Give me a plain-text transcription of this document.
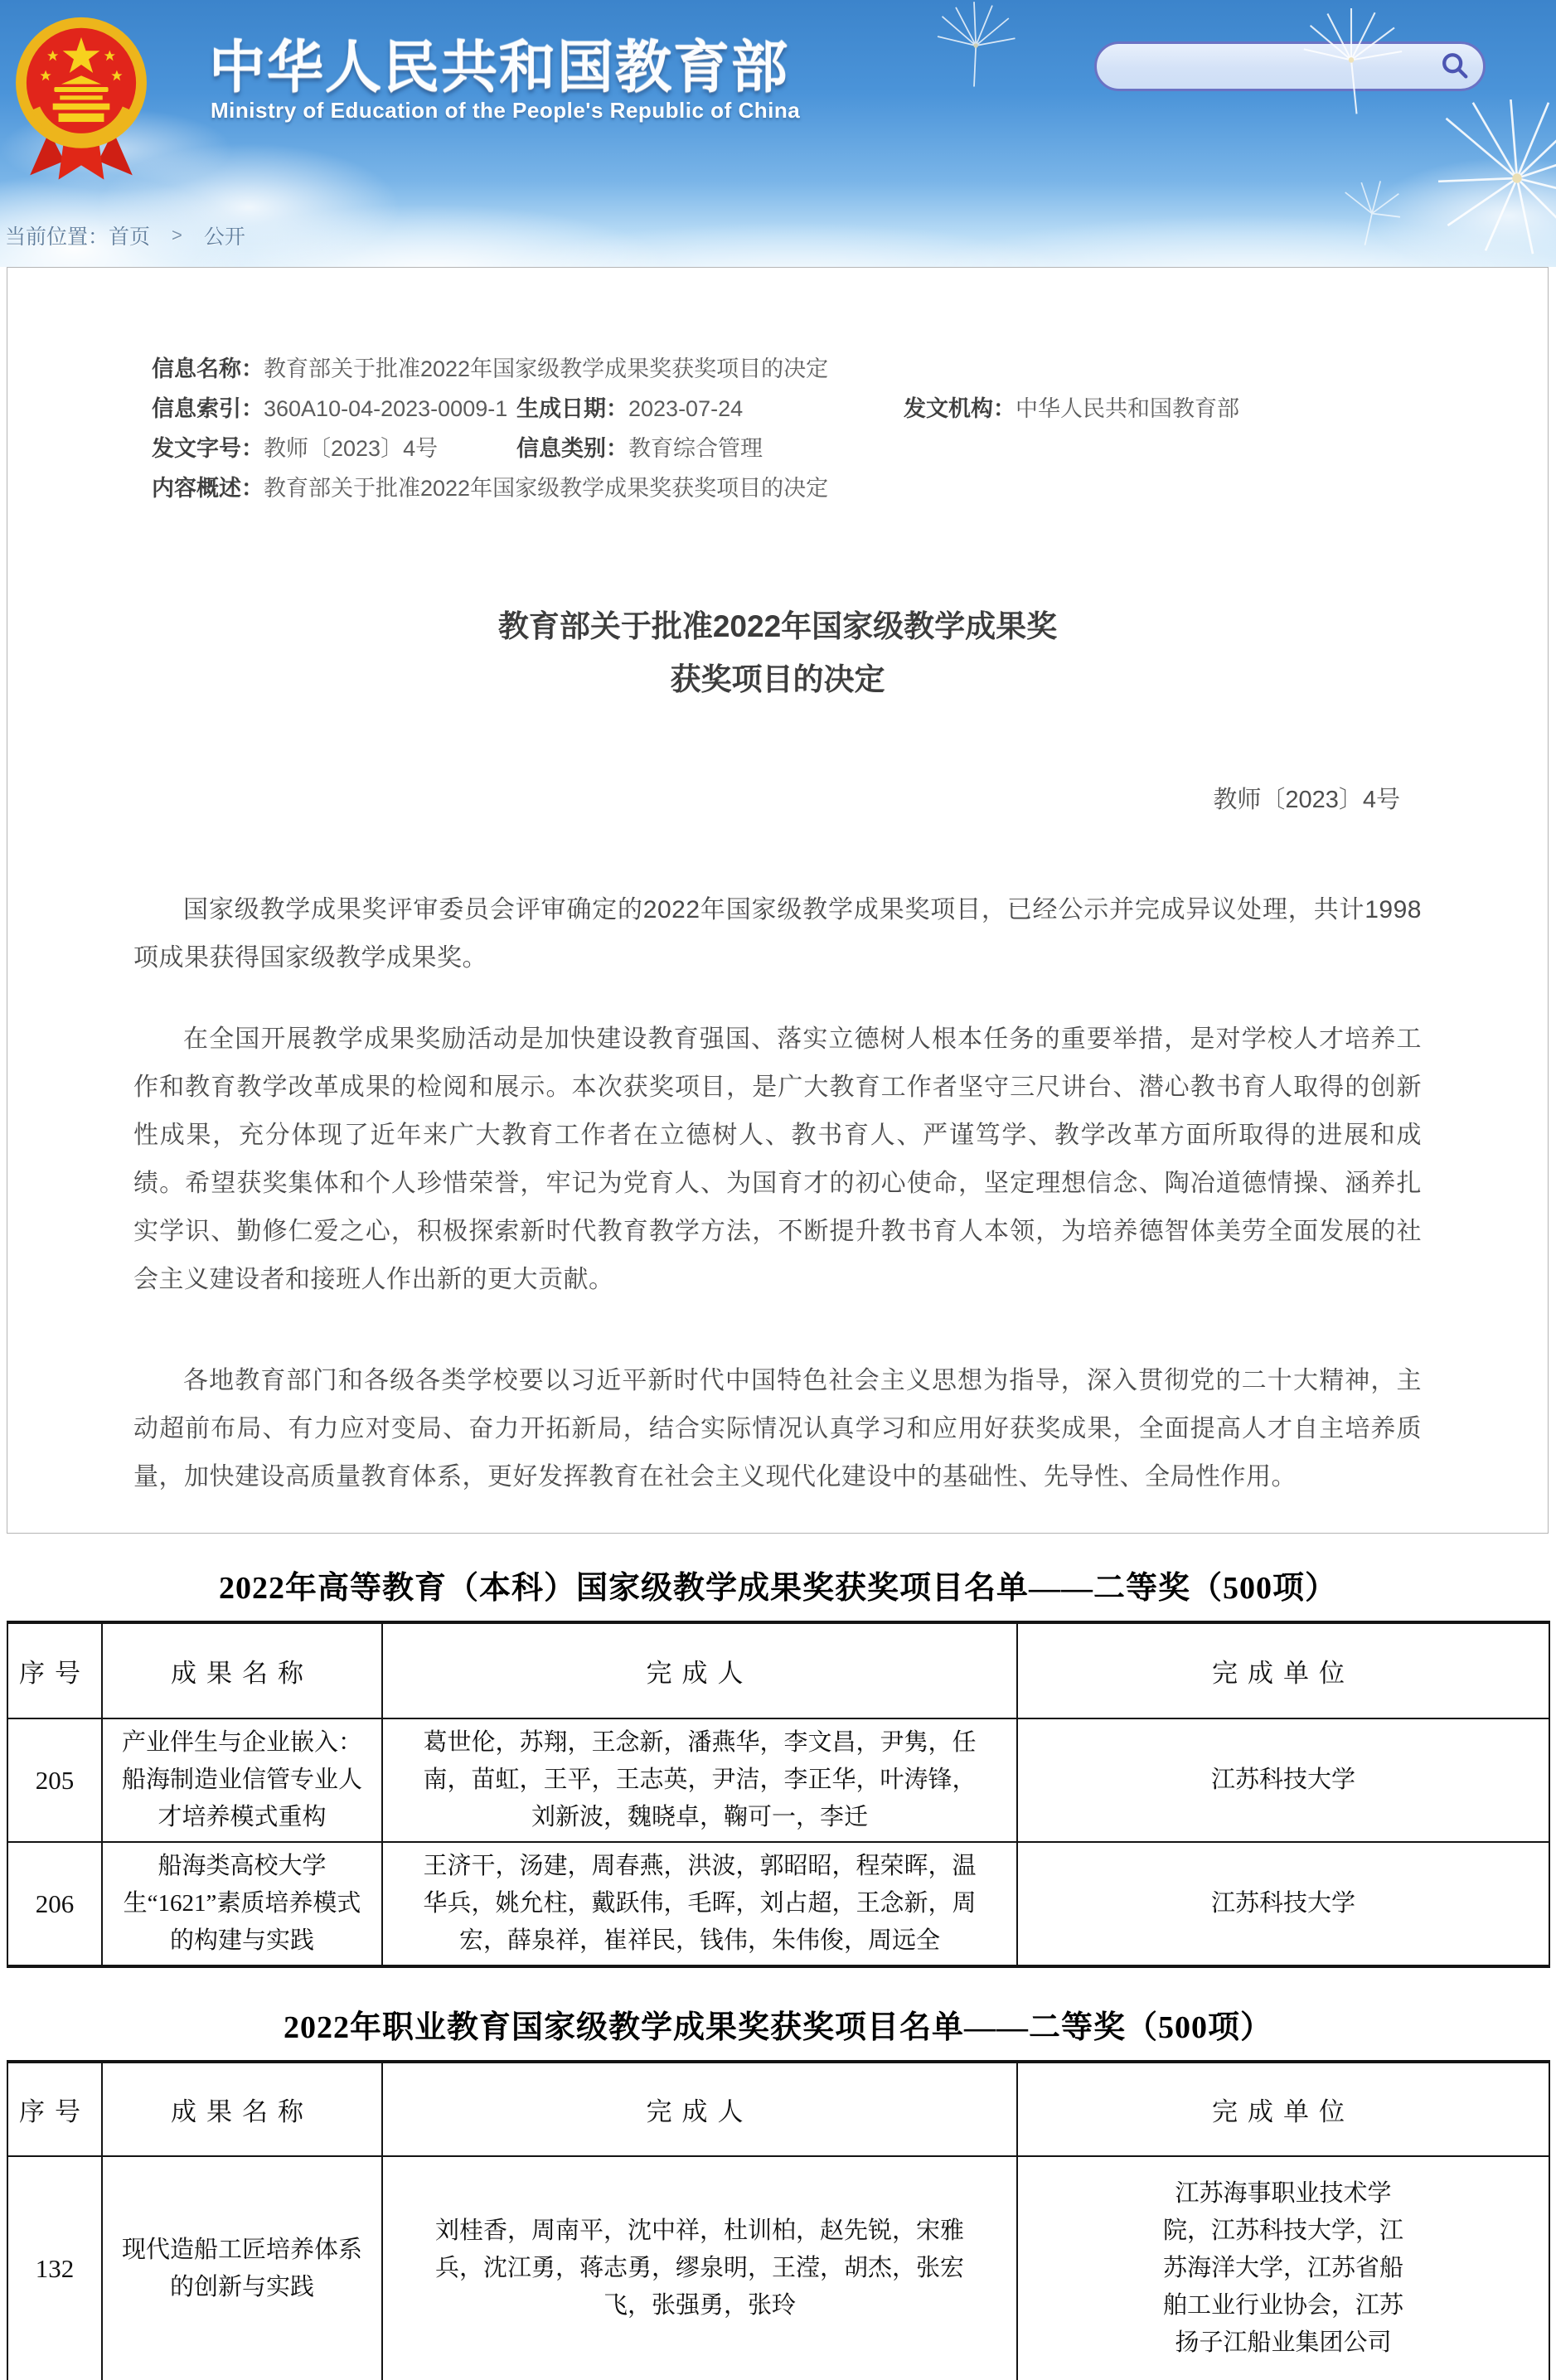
中华人民共和国教育部
Ministry of Education of the People's Republic of China
当前位置： 首页 > 公开
信息名称： 教育部关于批准2022年国家级教学成果奖获奖项目的决定
信息索引： 360A10-04-2023-0009-1 生成日期： 2023-07-24	发文机构： 中华人民共和国教育部
发文字号： 教师〔2023〕4号	信息类别： 教育综合管理
内容概述： 教育部关于批准2022年国家级教学成果奖获奖项目的决定
教育部关于批准2022年国家级教学成果奖
获奖项目的决定
教师〔2023〕4号

国家级教学成果奖评审委员会评审确定的2022年国家级教学成果奖项目，已经公示并完成异议处理，共计1998项成果获得国家级教学成果奖。

在全国开展教学成果奖励活动是加快建设教育强国、落实立德树人根本任务的重要举措，是对学校人才培养工作和教育教学改革成果的检阅和展示。本次获奖项目，是广大教育工作者坚守三尺讲台、潜心教书育人取得的创新性成果，充分体现了近年来广大教育工作者在立德树人、教书育人、严谨笃学、教学改革方面所取得的进展和成绩。希望获奖集体和个人珍惜荣誉，牢记为党育人、为国育才的初心使命，坚定理想信念、陶冶道德情操、涵养扎实学识、勤修仁爱之心，积极探索新时代教育教学方法，不断提升教书育人本领，为培养德智体美劳全面发展的社会主义建设者和接班人作出新的更大贡献。

各地教育部门和各级各类学校要以习近平新时代中国特色社会主义思想为指导，深入贯彻党的二十大精神，主动超前布局、有力应对变局、奋力开拓新局，结合实际情况认真学习和应用好获奖成果，全面提高人才自主培养质量，加快建设高质量教育体系，更好发挥教育在社会主义现代化建设中的基础性、先导性、全局性作用。

2022年高等教育（本科）国家级教学成果奖获奖项目名单——二等奖（500项）
序号	成果名称	完成人	完成单位
205	产业伴生与企业嵌入：船海制造业信管专业人才培养模式重构	葛世伦，苏翔，王念新，潘燕华，李文昌，尹隽，任南，苗虹，王平，王志英，尹洁，李正华，叶涛锋，刘新波，魏晓卓，鞠可一，李迁	江苏科技大学

206	船海类高校大学生“1621”素质培养模式的构建与实践	王济干，汤建，周春燕，洪波，郭昭昭，程荣晖，温华兵，姚允柱，戴跃伟，毛晖，刘占超，王念新，周宏，薛泉祥，崔祥民，钱伟，朱伟俊，周远全	江苏科技大学
2022年职业教育国家级教学成果奖获奖项目名单——二等奖（500项）
序号	成果名称	完成人	完成单位
132	现代造船工匠培养体系的创新与实践	刘桂香，周南平，沈中祥，杜训柏，赵先锐，宋雅兵，沈江勇，蒋志勇，缪泉明，王滢，胡杰，张宏飞，张强勇，张玲	江苏海事职业技术学院，江苏科技大学，江苏海洋大学，江苏省船舶工业行业协会，江苏扬子江船业集团公司
